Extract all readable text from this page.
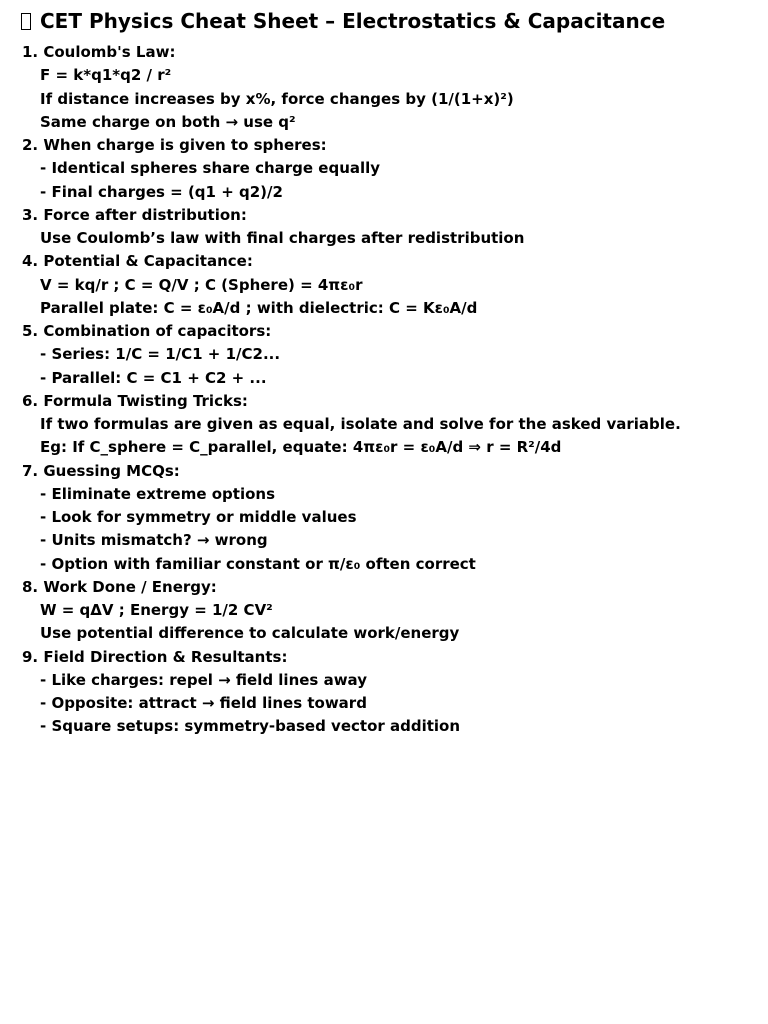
CET Physics Cheat Sheet – Electrostatics & Capacitance
1. Coulomb's Law:
F = k*q1*q2 / r²
If distance increases by x%, force changes by (1/(1+x)²)
Same charge on both → use q²
2. When charge is given to spheres:
- Identical spheres share charge equally
- Final charges = (q1 + q2)/2
3. Force after distribution:
Use Coulomb’s law with final charges after redistribution
4. Potential & Capacitance:
V = kq/r ; C = Q/V ; C (Sphere) = 4πε₀r
Parallel plate: C = ε₀A/d ; with dielectric: C = Kε₀A/d
5. Combination of capacitors:
- Series: 1/C = 1/C1 + 1/C2...
- Parallel: C = C1 + C2 + ...
6. Formula Twisting Tricks:
If two formulas are given as equal, isolate and solve for the asked variable.
Eg: If C_sphere = C_parallel, equate: 4πε₀r = ε₀A/d ⇒ r = R²/4d
7. Guessing MCQs:
- Eliminate extreme options
- Look for symmetry or middle values
- Units mismatch? → wrong
- Option with familiar constant or π/ε₀ often correct
8. Work Done / Energy:
W = qΔV ; Energy = 1/2 CV²
Use potential difference to calculate work/energy
9. Field Direction & Resultants:
- Like charges: repel → field lines away
- Opposite: attract → field lines toward
- Square setups: symmetry-based vector addition
